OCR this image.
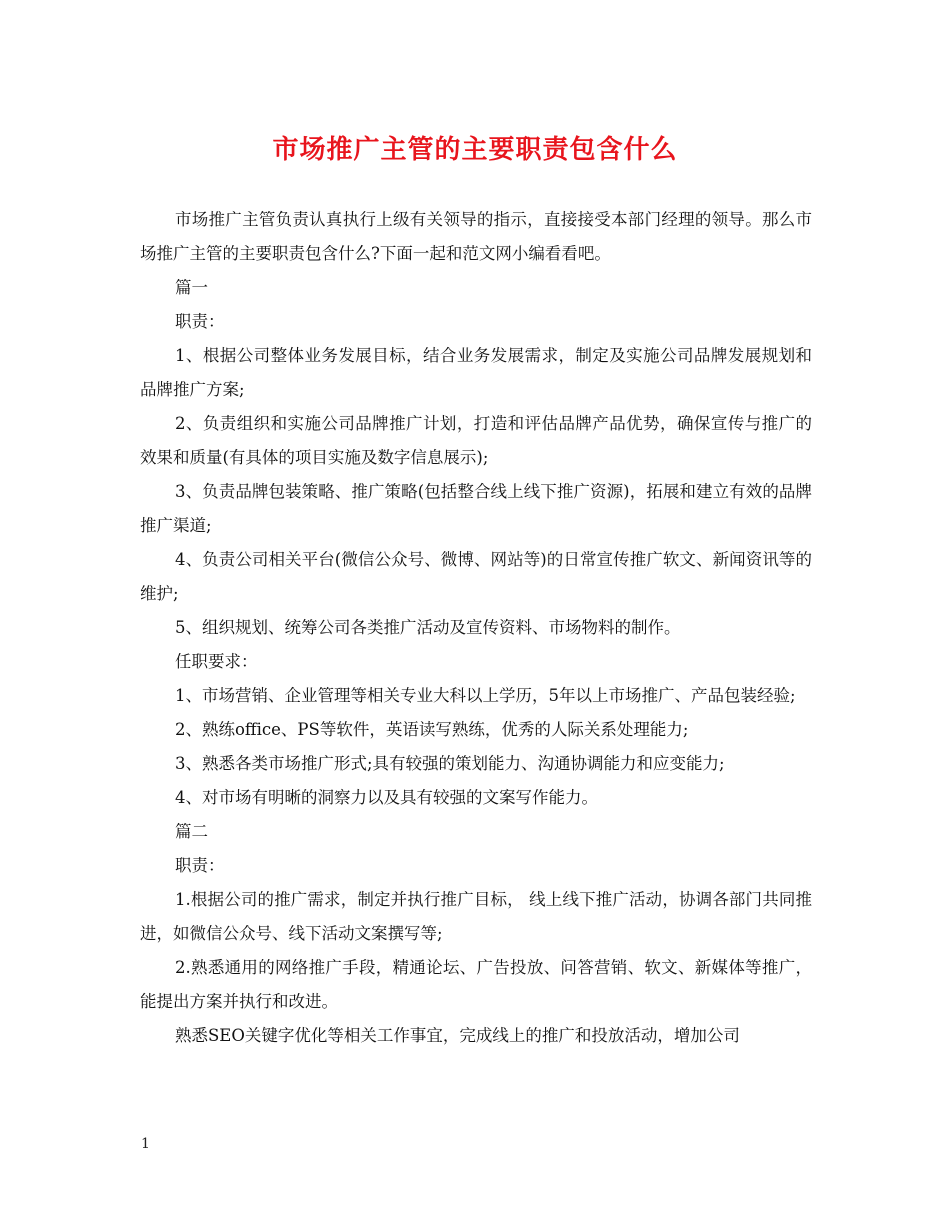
市场推广主管的主要职责包含什么

市场推广主管负责认真执行上级有关领导的指示，直接接受本部门经理的领导。那么市场推广主管的主要职责包含什么?下面一起和范文网小编看看吧。

篇一

职责：

1、根据公司整体业务发展目标，结合业务发展需求，制定及实施公司品牌发展规划和品牌推广方案;

2、负责组织和实施公司品牌推广计划，打造和评估品牌产品优势，确保宣传与推广的效果和质量(有具体的项目实施及数字信息展示);

3、负责品牌包装策略、推广策略(包括整合线上线下推广资源)，拓展和建立有效的品牌推广渠道;

4、负责公司相关平台(微信公众号、微博、网站等)的日常宣传推广软文、新闻资讯等的维护;

5、组织规划、统筹公司各类推广活动及宣传资料、市场物料的制作。

任职要求：

1、市场营销、企业管理等相关专业大科以上学历，5年以上市场推广、产品包装经验;

2、熟练office、PS等软件，英语读写熟练，优秀的人际关系处理能力;

3、熟悉各类市场推广形式;具有较强的策划能力、沟通协调能力和应变能力;

4、对市场有明晰的洞察力以及具有较强的文案写作能力。

篇二

职责：

1.根据公司的推广需求，制定并执行推广目标， 线上线下推广活动，协调各部门共同推进，如微信公众号、线下活动文案撰写等;

2.熟悉通用的网络推广手段，精通论坛、广告投放、问答营销、软文、新媒体等推广，能提出方案并执行和改进。

熟悉SEO关键字优化等相关工作事宜，完成线上的推广和投放活动，增加公司

1
